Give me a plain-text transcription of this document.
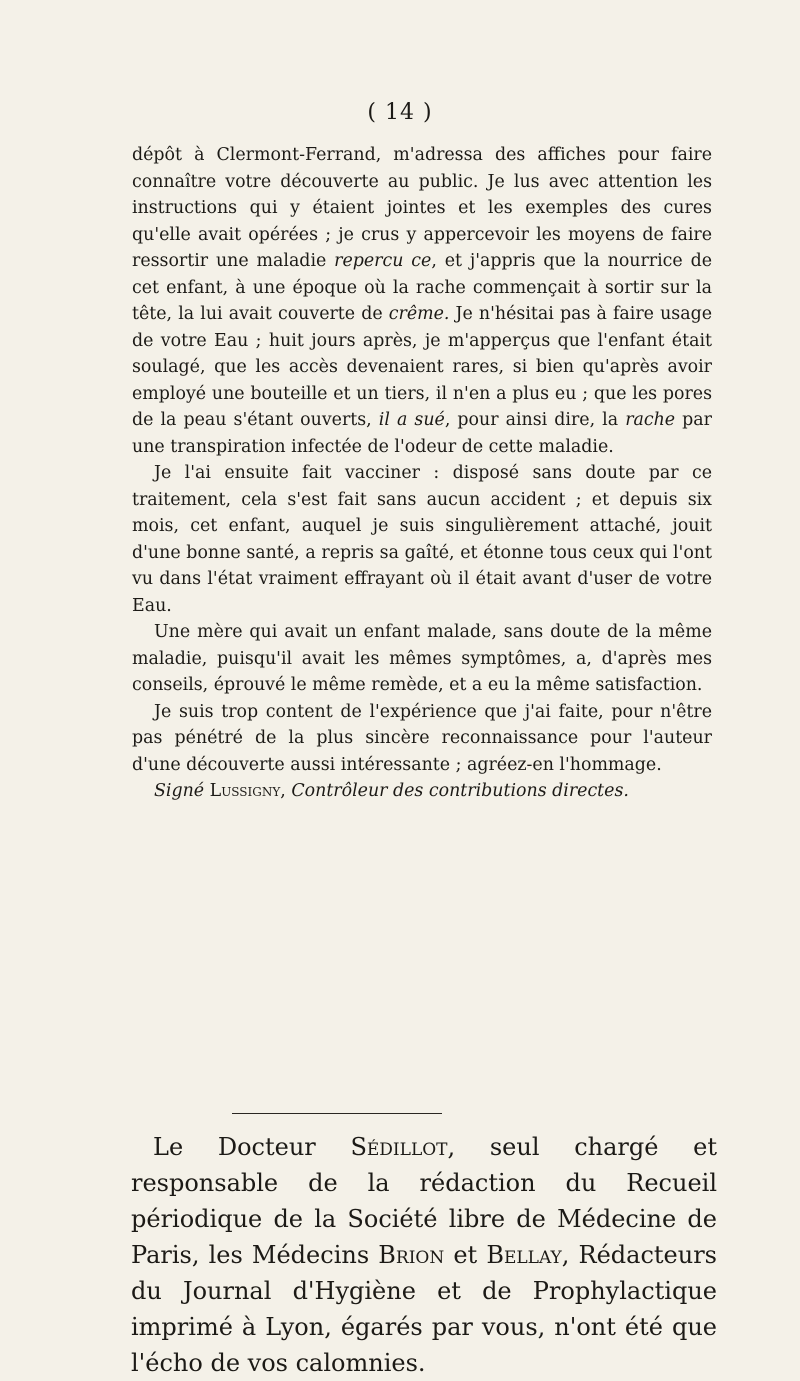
( 14 )

dépôt à Clermont-Ferrand, m'adressa des affiches pour faire connaître votre découverte au public. Je lus avec attention les instructions qui y étaient jointes et les exemples des cures qu'elle avait opérées ; je crus y appercevoir les moyens de faire ressortir une maladie repercu ce, et j'appris que la nourrice de cet enfant, à une époque où la rache commençait à sortir sur la tête, la lui avait couverte de crême. Je n'hésitai pas à faire usage de votre Eau ; huit jours après, je m'apperçus que l'enfant était soulagé, que les accès devenaient rares, si bien qu'après avoir employé une bouteille et un tiers, il n'en a plus eu ; que les pores de la peau s'étant ouverts, il a sué, pour ainsi dire, la rache par une transpiration infectée de l'odeur de cette maladie.

Je l'ai ensuite fait vacciner : disposé sans doute par ce traitement, cela s'est fait sans aucun accident ; et depuis six mois, cet enfant, auquel je suis singulièrement attaché, jouit d'une bonne santé, a repris sa gaîté, et étonne tous ceux qui l'ont vu dans l'état vraiment effrayant où il était avant d'user de votre Eau.

Une mère qui avait un enfant malade, sans doute de la même maladie, puisqu'il avait les mêmes symptômes, a, d'après mes conseils, éprouvé le même remède, et a eu la même satisfaction.

Je suis trop content de l'expérience que j'ai faite, pour n'être pas pénétré de la plus sincère reconnaissance pour l'auteur d'une découverte aussi intéressante ; agréez-en l'hommage.

Signé Lussigny, Contrôleur des contributions directes.

Le Docteur Sédillot, seul chargé et responsable de la rédaction du Recueil périodique de la Société libre de Médecine de Paris, les Médecins Brion et Bellay, Rédacteurs du Journal d'Hygiène et de Prophylactique imprimé à Lyon, égarés par vous, n'ont été que l'écho de vos calomnies.
